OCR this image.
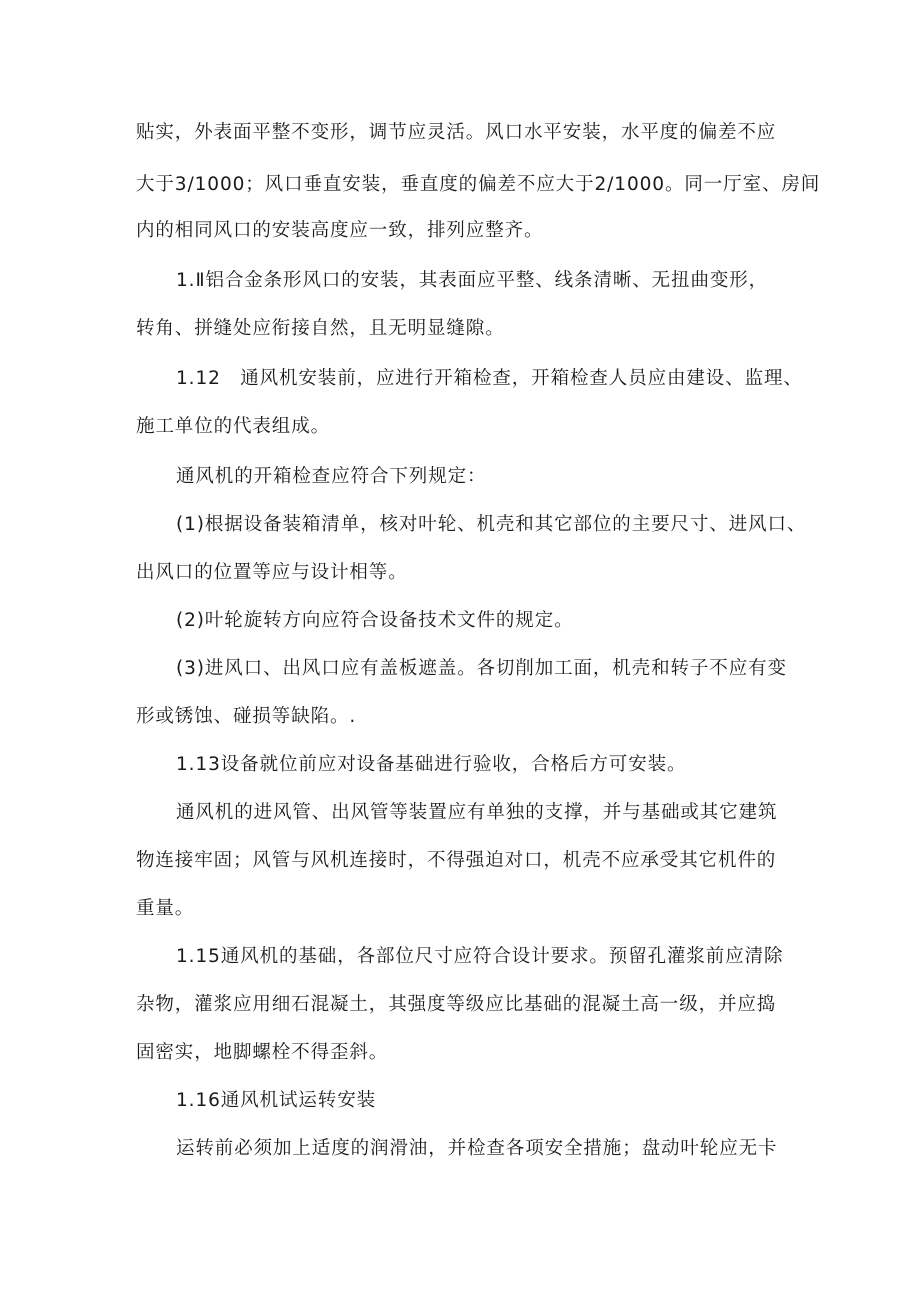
贴实，外表面平整不变形，调节应灵活。风口水平安装，水平度的偏差不应
大于3/1000；风口垂直安装，垂直度的偏差不应大于2/1000。同一厅室、房间
内的相同风口的安装高度应一致，排列应整齐。
1.Ⅱ铝合金条形风口的安装，其表面应平整、线条清晰、无扭曲变形，
转角、拼缝处应衔接自然，且无明显缝隙。
1.12　通风机安装前，应进行开箱检查，开箱检查人员应由建设、监理、
施工单位的代表组成。
通风机的开箱检查应符合下列规定：
(1)根据设备装箱清单，核对叶轮、机壳和其它部位的主要尺寸、进风口、
出风口的位置等应与设计相等。
(2)叶轮旋转方向应符合设备技术文件的规定。
(3)进风口、出风口应有盖板遮盖。各切削加工面，机壳和转子不应有变
形或锈蚀、碰损等缺陷。.
1.13设备就位前应对设备基础进行验收，合格后方可安装。
通风机的进风管、出风管等装置应有单独的支撑，并与基础或其它建筑
物连接牢固；风管与风机连接时，不得强迫对口，机壳不应承受其它机件的
重量。
1.15通风机的基础，各部位尺寸应符合设计要求。预留孔灌浆前应清除
杂物，灌浆应用细石混凝土，其强度等级应比基础的混凝土高一级，并应捣
固密实，地脚螺栓不得歪斜。
1.16通风机试运转安装
运转前必须加上适度的润滑油，并检查各项安全措施；盘动叶轮应无卡
